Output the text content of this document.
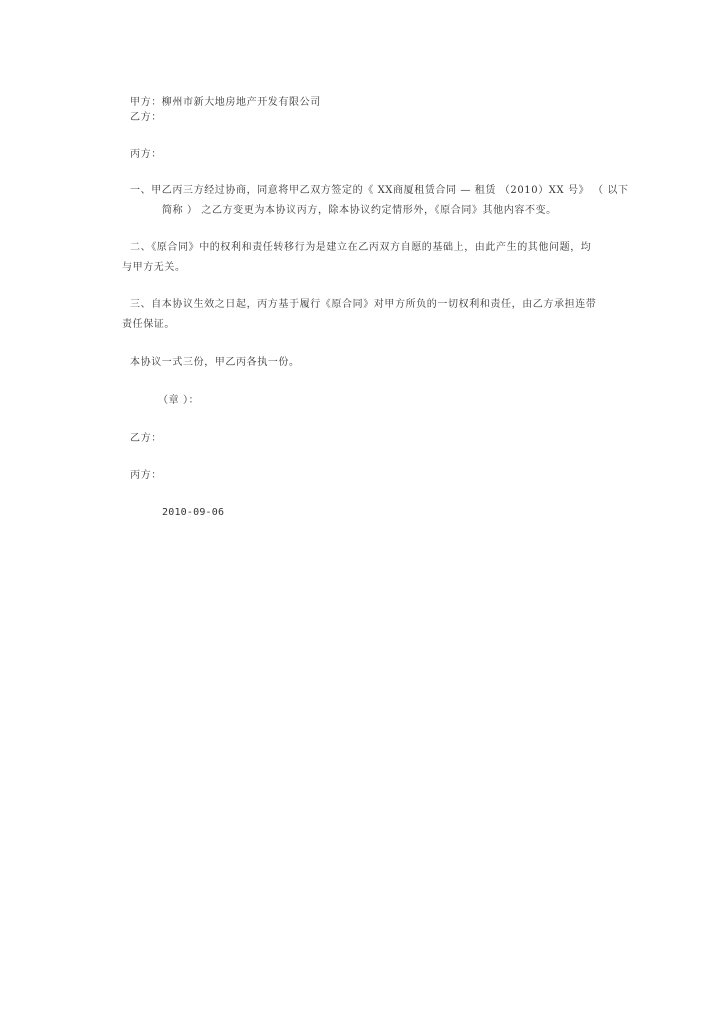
甲方：柳州市新大地房地产开发有限公司
乙方：
丙方：
一、甲乙丙三方经过协商，同意将甲乙双方签定的《 XX商厦租赁合同 — 租赁 （2010）XX 号》 （ 以下
简称 ） 之乙方变更为本协议丙方，除本协议约定情形外，《原合同》其他内容不变。
二、《原合同》中的权利和责任转移行为是建立在乙丙双方自愿的基础上，由此产生的其他问题，均
与甲方无关。
三、自本协议生效之日起，丙方基于履行《原合同》对甲方所负的一切权利和责任，由乙方承担连带
责任保证。
本协议一式三份，甲乙丙各执一份。
（章 ）：
乙方：
丙方：
2010-09-06
